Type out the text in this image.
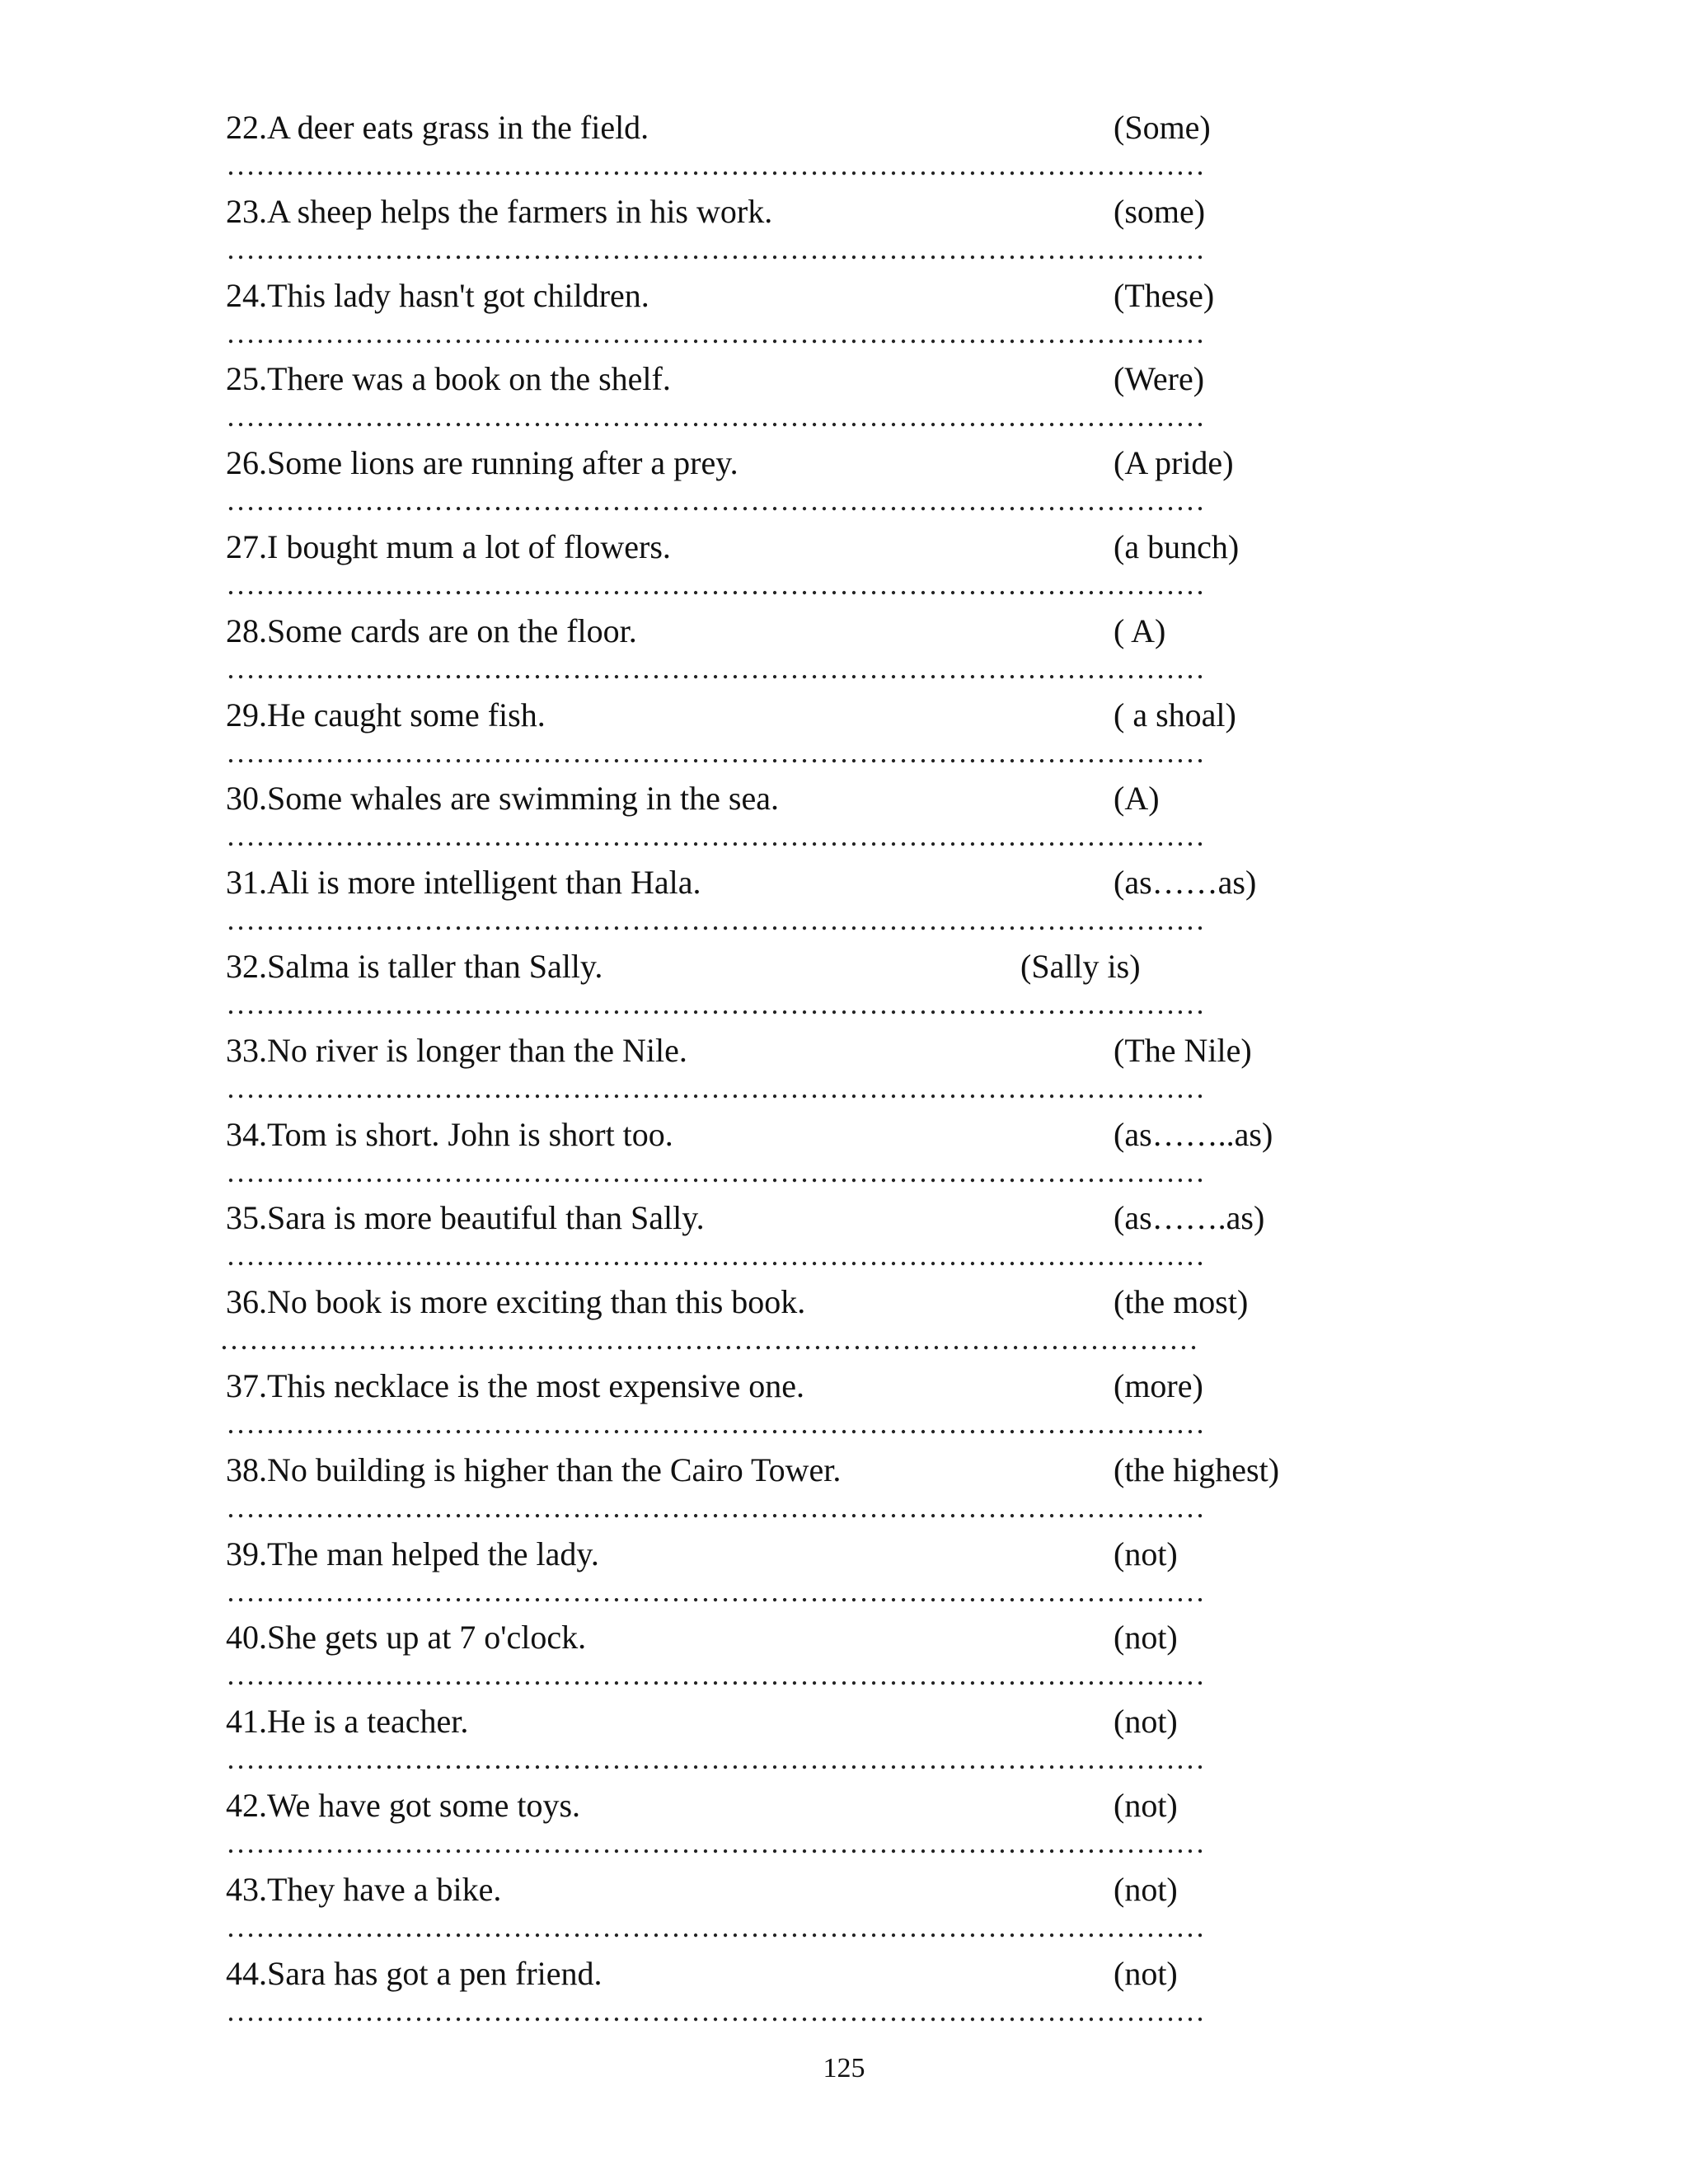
22.A deer eats grass in the field.	(Some)
………………………………………………………………………………………
23.A sheep helps the farmers in his work.	(some)
………………………………………………………………………………………
24.This lady hasn't got children.	(These)
………………………………………………………………………………………
25.There was a book on the shelf.	(Were)
………………………………………………………………………………………
26.Some lions are running after a prey.	(A pride)
………………………………………………………………………………………
27.I bought mum a lot of flowers.	(a bunch)
………………………………………………………………………………………
28.Some cards are on the floor.	( A)
………………………………………………………………………………………
29.He caught some fish.	( a shoal)
………………………………………………………………………………………
30.Some whales are swimming in the sea.	(A)
………………………………………………………………………………………
31.Ali is more intelligent than Hala.	(as……as)
………………………………………………………………………………………
32.Salma is taller than Sally.	(Sally is)
………………………………………………………………………………………
33.No river is longer than the Nile.	(The Nile)
………………………………………………………………………………………
34.Tom is short. John is short too.	(as……..as)
………………………………………………………………………………………
35.Sara is more beautiful than Sally.	(as…….as)
………………………………………………………………………………………
36.No book is more exciting than this book.	(the most)
………………………………………………………………………………………
37.This necklace is the most expensive one.	(more)
………………………………………………………………………………………
38.No building is higher than the Cairo Tower.	(the highest)
………………………………………………………………………………………
39.The man helped the lady.	(not)
………………………………………………………………………………………
40.She gets up at 7 o'clock.	(not)
………………………………………………………………………………………
41.He is a teacher.	(not)
………………………………………………………………………………………
42.We have got some toys.	(not)
………………………………………………………………………………………
43.They have a bike.	(not)
………………………………………………………………………………………
44.Sara has got a pen friend.	(not)
………………………………………………………………………………………
125
